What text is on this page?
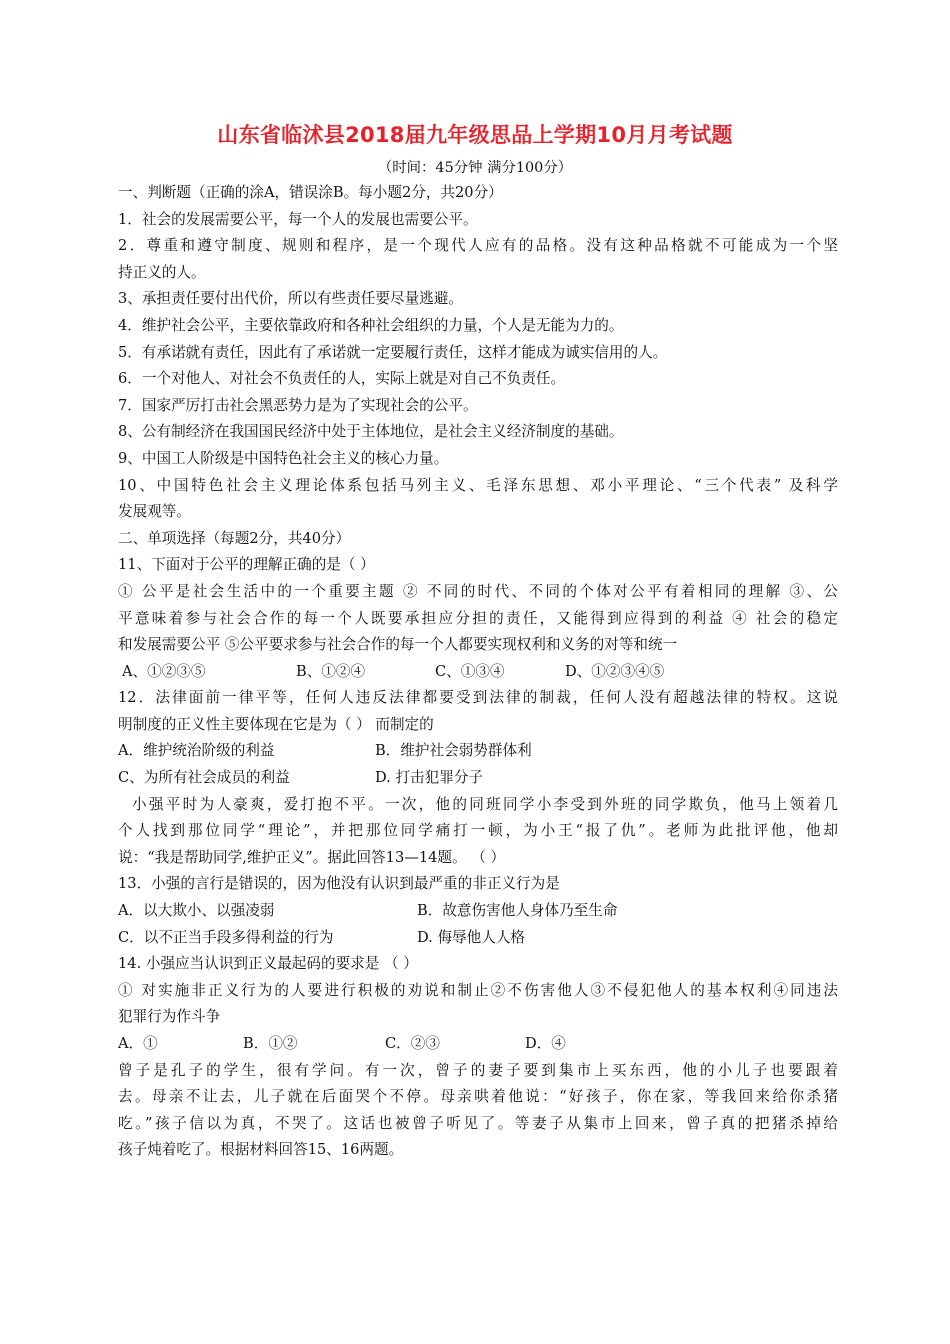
山东省临沭县2018届九年级思品上学期10月月考试题
（时间：45分钟 满分100分）
一、判断题（正确的涂A，错误涂B。每小题2分，共20分）
1．社会的发展需要公平，每一个人的发展也需要公平。
2．尊重和遵守制度、规则和程序，是一个现代人应有的品格。没有这种品格就不可能成为一个坚
持正义的人。
3、承担责任要付出代价，所以有些责任要尽量逃避。
4．维护社会公平，主要依靠政府和各种社会组织的力量，个人是无能为力的。
5．有承诺就有责任，因此有了承诺就一定要履行责任，这样才能成为诚实信用的人。
6．一个对他人、对社会不负责任的人，实际上就是对自己不负责任。
7．国家严厉打击社会黑恶势力是为了实现社会的公平。
8、公有制经济在我国国民经济中处于主体地位，是社会主义经济制度的基础。
9、中国工人阶级是中国特色社会主义的核心力量。
10、中国特色社会主义理论体系包括马列主义、毛泽东思想、邓小平理论、“三个代表” 及科学
发展观等。
二、单项选择（每题2分，共40分）
11、下面对于公平的理解正确的是（ ）
① 公平是社会生活中的一个重要主题 ② 不同的时代、不同的个体对公平有着相同的理解 ③、公
平意味着参与社会合作的每一个人既要承担应分担的责任，又能得到应得到的利益 ④ 社会的稳定
和发展需要公平 ⑤公平要求参与社会合作的每一个人都要实现权利和义务的对等和统一
A、①②③⑤	B、①②④	C、①③④	D、①②③④⑤
12．法律面前一律平等，任何人违反法律都要受到法律的制裁，任何人没有超越法律的特权。这说
明制度的正义性主要体现在它是为（ ） 而制定的
A．维护统治阶级的利益	B．维护社会弱势群体利
C、为所有社会成员的利益	D. 打击犯罪分子
小强平时为人豪爽，爱打抱不平。一次，他的同班同学小李受到外班的同学欺负，他马上领着几
个人找到那位同学“理论”，并把那位同学痛打一顿，为小王“报了仇”。老师为此批评他，他却
说：“我是帮助同学,维护正义”。据此回答13—14题。 （ ）
13．小强的言行是错误的，因为他没有认识到最严重的非正义行为是
A．以大欺小、以强凌弱	B．故意伤害他人身体乃至生命
C．以不正当手段多得利益的行为	D. 侮辱他人人格
14. 小强应当认识到正义最起码的要求是 （ ）
① 对实施非正义行为的人要进行积极的劝说和制止②不伤害他人③不侵犯他人的基本权利④同违法
犯罪行为作斗争
A．①	B．①②	C．②③	D．④
曾子是孔子的学生，很有学问。有一次，曾子的妻子要到集市上买东西，他的小儿子也要跟着
去。母亲不让去，儿子就在后面哭个不停。母亲哄着他说：“好孩子，你在家，等我回来给你杀猪
吃。”孩子信以为真，不哭了。这话也被曾子听见了。等妻子从集市上回来，曾子真的把猪杀掉给
孩子炖着吃了。根据材料回答15、16两题。
